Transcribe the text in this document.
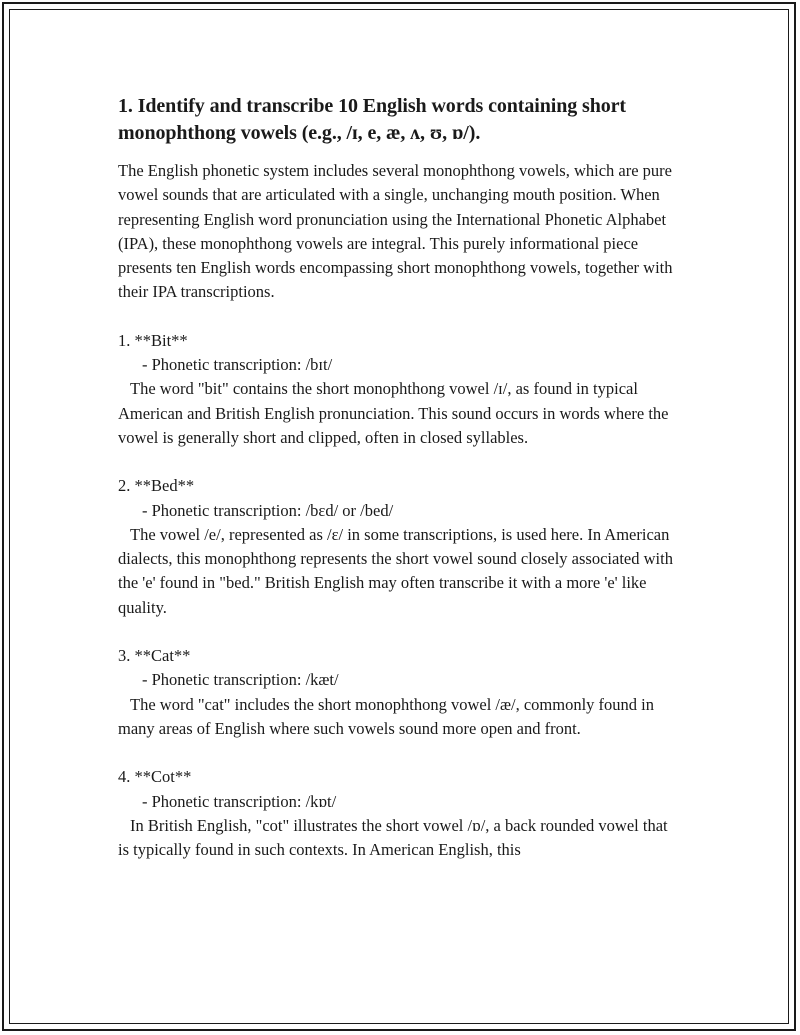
1. Identify and transcribe 10 English words containing short monophthong vowels (e.g., /ɪ, e, æ, ʌ, ʊ, ɒ/).

The English phonetic system includes several monophthong vowels, which are pure vowel sounds that are articulated with a single, unchanging mouth position. When representing English word pronunciation using the International Phonetic Alphabet (IPA), these monophthong vowels are integral. This purely informational piece presents ten English words encompassing short monophthong vowels, together with their IPA transcriptions.

1. **Bit**

- Phonetic transcription: /bɪt/

The word "bit" contains the short monophthong vowel /ɪ/, as found in typical American and British English pronunciation. This sound occurs in words where the vowel is generally short and clipped, often in closed syllables.

2. **Bed**

- Phonetic transcription: /bɛd/ or /bed/

The vowel /e/, represented as /ɛ/ in some transcriptions, is used here. In American dialects, this monophthong represents the short vowel sound closely associated with the 'e' found in "bed." British English may often transcribe it with a more 'e' like quality.

3. **Cat**

- Phonetic transcription: /kæt/

The word "cat" includes the short monophthong vowel /æ/, commonly found in many areas of English where such vowels sound more open and front.

4. **Cot**

- Phonetic transcription: /kɒt/

In British English, "cot" illustrates the short vowel /ɒ/, a back rounded vowel that is typically found in such contexts. In American English, this
